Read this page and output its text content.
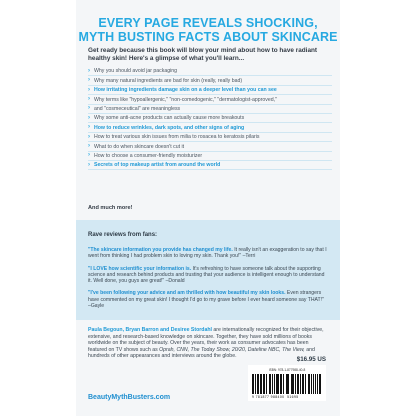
EVERY PAGE REVEALS SHOCKING,
MYTH BUSTING FACTS ABOUT SKINCARE

Get ready because this book will blow your mind about how to have radiant healthy skin! Here's a glimpse of what you'll learn...

› Why you should avoid jar packaging
› Why many natural ingredients are bad for skin (really, really bad)
› How irritating ingredients damage skin on a deeper level than you can see
› Why terms like "hypoallergenic," "non-comedogenic," "dermatologist-approved,"
› and "cosmeceutical" are meaningless
› Why some anti-acne products can actually cause more breakouts
› How to reduce wrinkles, dark spots, and other signs of aging
› How to treat various skin issues from milia to rosacea to keratosis pilaris
› What to do when skincare doesn't cut it
› How to choose a consumer-friendly moisturizer
› Secrets of top makeup artist from around the world
And much more!
Rave reviews from fans:

"The skincare information you provide has changed my life. It really isn't an exaggeration to say that I went from thinking I had problem skin to loving my skin. Thank you!" –Terri

"I LOVE how scientific your information is. It's refreshing to have someone talk about the supporting science and research behind products and trusting that your audience is intelligent enough to understand it. Well done, you guys are great!" –Donald

"I've been following your advice and am thrilled with how beautiful my skin looks. Even strangers have commented on my great skin! I thought I'd go to my grave before I ever heard someone say THAT!" –Gayle

Paula Begoun, Bryan Barron and Desiree Stordahl are internationally recognized for their objective, extensive, and research-based knowledge on skincare. Together, they have sold millions of books worldwide on the subject of beauty. Over the years, their work as consumer advocates has been featured on TV shows such as Oprah, CNN, The Today Show, 20/20, Dateline NBC, The View, and hundreds of other appearances and interviews around the globe.	$16.95 US
ISBN: 978-1-877988-40-8
9 781877 988400 51695
BeautyMythBusters.com
